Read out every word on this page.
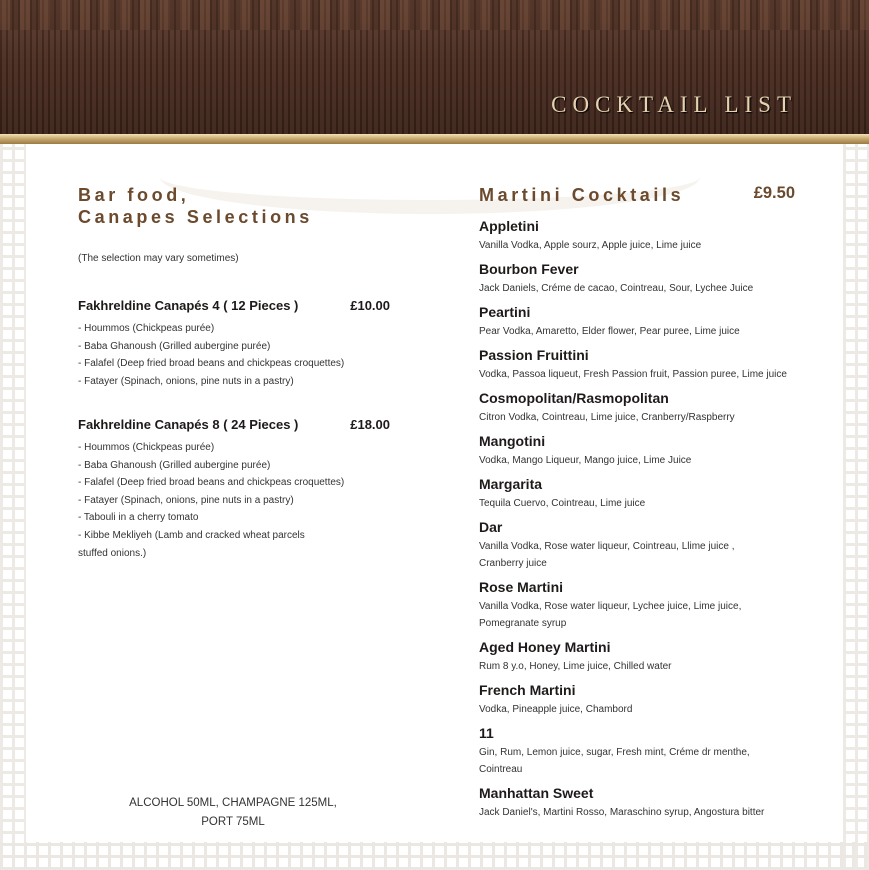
COCKTAIL LIST
Bar food,
Canapes Selections
(The selection may vary sometimes)
Fakhreldine Canapés 4 ( 12 Pieces )	£10.00
- Hoummos (Chickpeas purée)
- Baba Ghanoush (Grilled aubergine purée)
- Falafel (Deep fried broad beans and chickpeas croquettes)
- Fatayer (Spinach, onions, pine nuts in a pastry)
Fakhreldine Canapés 8 ( 24 Pieces )	£18.00
- Hoummos (Chickpeas purée)
- Baba Ghanoush (Grilled aubergine purée)
- Falafel (Deep fried broad beans and chickpeas croquettes)
- Fatayer (Spinach, onions, pine nuts in a pastry)
- Tabouli in a cherry tomato
- Kibbe Mekliyeh (Lamb and cracked wheat parcels
stuffed onions.)
ALCOHOL 50ML, CHAMPAGNE 125ML,
PORT 75ML
Martini Cocktails	£9.50
Appletini
Vanilla Vodka, Apple sourz, Apple juice, Lime juice
Bourbon Fever
Jack Daniels, Créme de cacao, Cointreau, Sour, Lychee Juice
Peartini
Pear Vodka, Amaretto, Elder flower, Pear puree, Lime juice
Passion Fruittini
Vodka, Passoa liqueut, Fresh Passion fruit, Passion puree, Lime juice
Cosmopolitan/Rasmopolitan
Citron Vodka, Cointreau, Lime juice, Cranberry/Raspberry
Mangotini
Vodka, Mango Liqueur, Mango juice, Lime Juice
Margarita
Tequila Cuervo, Cointreau, Lime juice
Dar
Vanilla Vodka, Rose water liqueur, Cointreau, Llime juice ,
Cranberry juice
Rose Martini
Vanilla Vodka, Rose water liqueur, Lychee juice, Lime juice,
Pomegranate syrup
Aged Honey Martini
Rum 8 y.o, Honey, Lime juice, Chilled water
French Martini
Vodka, Pineapple juice, Chambord
11
Gin, Rum, Lemon juice, sugar, Fresh mint, Créme dr menthe,
Cointreau
Manhattan Sweet
Jack Daniel's, Martini Rosso, Maraschino syrup, Angostura bitter
